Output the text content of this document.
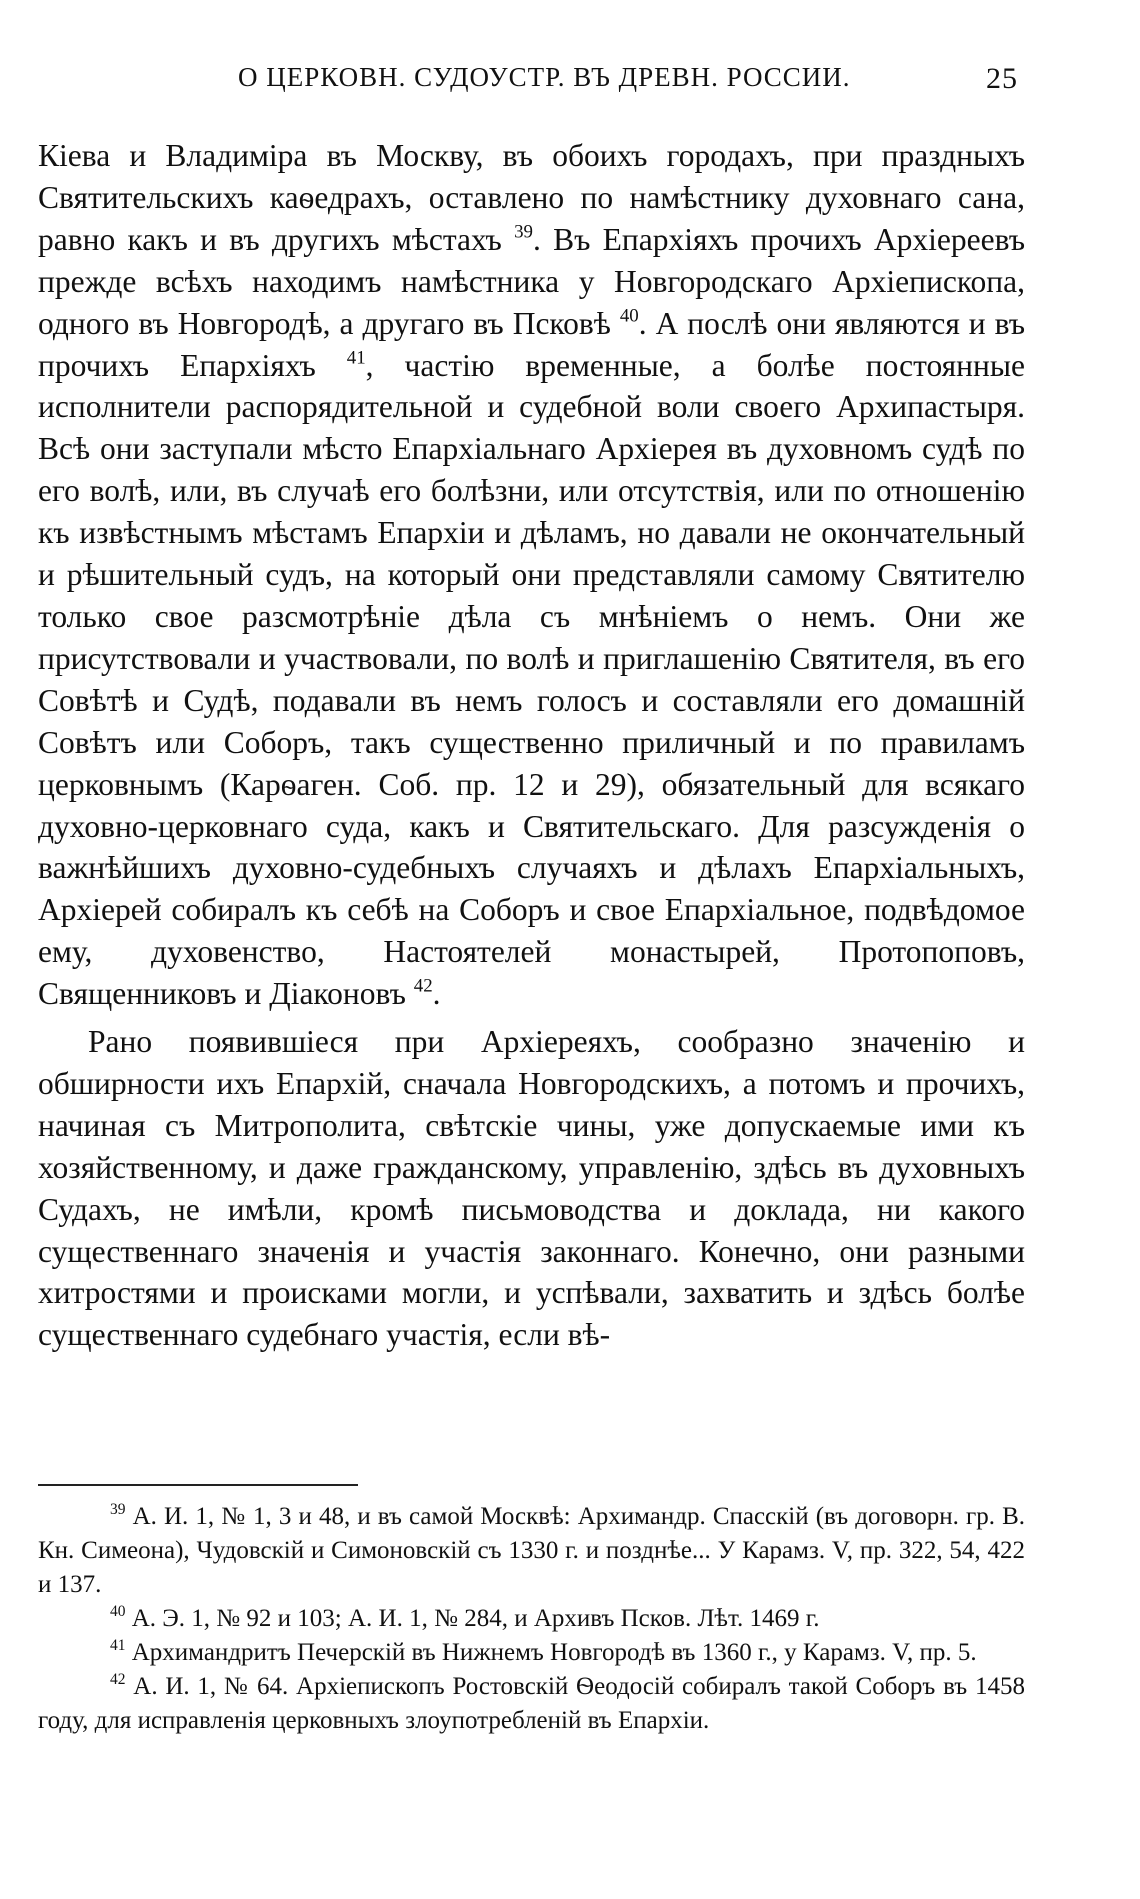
О ЦЕРКОВН. СУДОУСТР. ВЪ ДРЕВН. РОССИИ.	25

Кіева и Владиміра въ Москву, въ обоихъ городахъ, при праздныхъ Святительскихъ каѳедрахъ, оставлено по намѣстнику духовнаго сана, равно какъ и въ другихъ мѣстахъ $^{39}$. Въ Епархіяхъ прочихъ Архіереевъ прежде всѣхъ находимъ намѣстника у Новгородскаго Архіепископа, одного въ Новгородѣ, а другаго въ Псковѣ $^{40}$. А послѣ они являются и въ прочихъ Епархіяхъ $^{41}$, частію временные, а болѣе постоянные исполнители распорядительной и судебной воли своего Архипастыря. Всѣ они заступали мѣсто Епархіальнаго Архіерея въ духовномъ судѣ по его волѣ, или, въ случаѣ его болѣзни, или отсутствія, или по отношенію къ извѣстнымъ мѣстамъ Епархіи и дѣламъ, но давали не окончательный и рѣшительный судъ, на который они представляли самому Святителю только свое разсмотрѣніе дѣла съ мнѣніемъ о немъ. Они же присутствовали и участвовали, по волѣ и приглашенію Святителя, въ его Совѣтѣ и Судѣ, подавали въ немъ голосъ и составляли его домашній Совѣтъ или Соборъ, такъ существенно приличный и по правиламъ церковнымъ (Карѳаген. Соб. пр. 12 и 29), обязательный для всякаго духовно-церковнаго суда, какъ и Святительскаго. Для разсужденія о важнѣйшихъ духовно-судебныхъ случаяхъ и дѣлахъ Епархіальныхъ, Архіерей собиралъ къ себѣ на Соборъ и свое Епархіальное, подвѣдомое ему, духовенство, Настоятелей монастырей, Протопоповъ, Священниковъ и Діаконовъ $^{42}$.

Рано появившіеся при Архіереяхъ, сообразно значенію и обширности ихъ Епархій, сначала Новгородскихъ, а потомъ и прочихъ, начиная съ Митрополита, свѣтскіе чины, уже допускаемые ими къ хозяйственному, и даже гражданскому, управленію, здѣсь въ духовныхъ Судахъ, не имѣли, кромѣ письмоводства и доклада, ни какого существеннаго значенія и участія законнаго. Конечно, они разными хитростями и происками могли, и успѣвали, захватить и здѣсь болѣе существеннаго судебнаго участія, если вѣ-

$^{39}$ А. И. 1, № 1, 3 и 48, и въ самой Москвѣ: Архимандр. Спасскій (въ договорн. гр. В. Кн. Симеона), Чудовскій и Симоновскій съ 1330 г. и позднѣе... У Карамз. V, пр. 322, 54, 422 и 137.

$^{40}$ А. Э. 1, № 92 и 103; А. И. 1, № 284, и Архивъ Псков. Лѣт. 1469 г.

$^{41}$ Архимандритъ Печерскій въ Нижнемъ Новгородѣ въ 1360 г., у Карамз. V, пр. 5.

$^{42}$ А. И. 1, № 64. Архіепископъ Ростовскій Ѳеодосій собиралъ такой Соборъ въ 1458 году, для исправленія церковныхъ злоупотребленій въ Епархіи.
